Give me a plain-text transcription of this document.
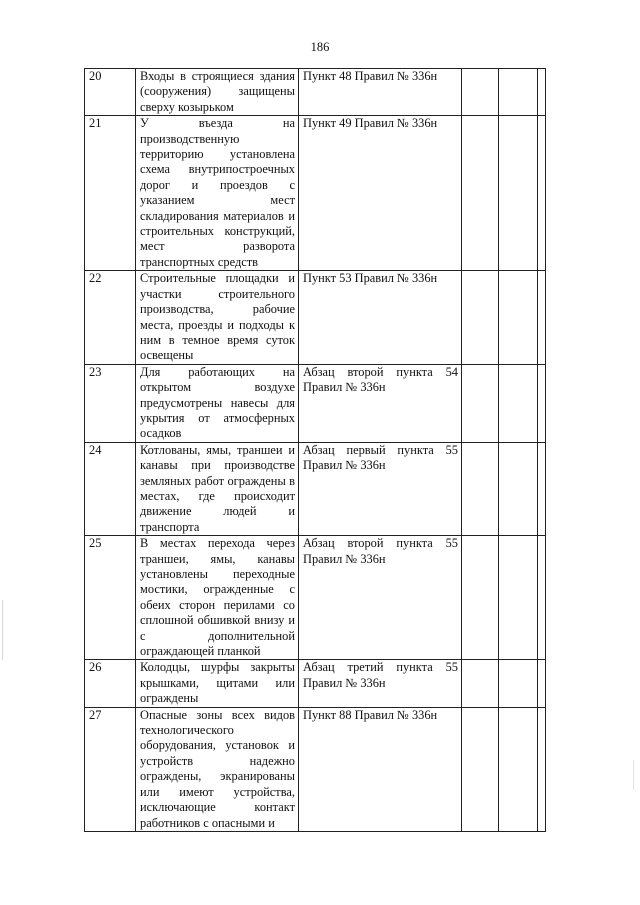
186
20	Входы в строящиеся здания (сооружения) защищены сверху козырьком	Пункт 48 Правил № 336н			
21	У въезда на производственную территорию установлена схема внутрипостроечных дорог и проездов с указанием мест складирования материалов и строительных конструкций, мест разворота транспортных средств	Пункт 49 Правил № 336н			
22	Строительные площадки и участки строительного производства, рабочие места, проезды и подходы к ним в темное время суток освещены	Пункт 53 Правил № 336н			
23	Для работающих на открытом воздухе предусмотрены навесы для укрытия от атмосферных осадков	Абзац второй пункта 54 Правил № 336н			
24	Котлованы, ямы, траншеи и канавы при производстве земляных работ ограждены в местах, где происходит движение людей и транспорта	Абзац первый пункта 55 Правил № 336н			
25	В местах перехода через траншеи, ямы, канавы установлены переходные мостики, огражденные с обеих сторон перилами со сплошной обшивкой внизу и с дополнительной ограждающей планкой	Абзац второй пункта 55 Правил № 336н			
26	Колодцы, шурфы закрыты крышками, щитами или ограждены	Абзац третий пункта 55 Правил № 336н			
27	Опасные зоны всех видов технологического оборудования, установок и устройств надежно ограждены, экранированы или имеют устройства, исключающие контакт работников с опасными и	Пункт 88 Правил № 336н			
